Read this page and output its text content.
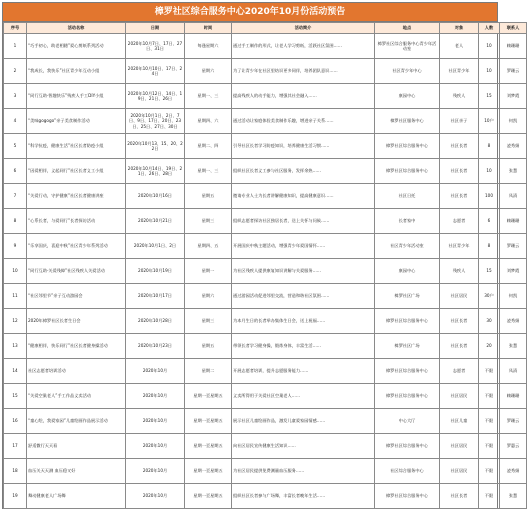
樟罗社区综合服务中心2020年10月份活动预告
序号	活动名称	日期	时间	活动简介	地点	对象	人数	联系人
1	“巧手初心，助老相随”爱心剪纸系列活动	2020年10月7日、17日、27日、31日	每逢星期六	通过手工制作的形式，让老人学习剪纸，活跃社区氛围……	樟罗社区综合服务中心青少年活动室	老人	10	赖珊珊
2	“我成长，我快乐”社区青少年互动小组	2020年10月10日、17日、24日	星期六	为了让青少年在社区里结识更多同伴，培养团队意识……	社区青少年中心	社区青少年	10	罗珊云
3	“同行互助·智趣快乐”残疾人手工DIY小组	2020年10月12日、14日、19日、21日、26日	星期一、三	提高残疾人的动手能力，增强其社会融入……	康园中心	残疾人	15	刘梦霞
4	“美味gogogo”亲子美食制作活动	2020年10月1日、2日、7日、9日、17日、20日、23日、25日、27日、30日	星期四、六	通过活动让家庭体验美食制作乐趣，增进亲子关系……	樟罗社区服务中心	社区亲子	10户	何凯
5	“科学抗疫，健康生活”社区长者防疫小组	2020年10月13、15、20、22日	星期二、四	引导社区长者学习防疫知识，培养健康生活习惯……	樟罗社区综合服务中心	社区长者	8	凌秀娟
6	“因爱相伴，义起同行”社区长者义工小组	2020年10月14日、19日、21日、26日、28日	星期一、三	组织社区长者义工参与社区服务，发挥余热……	樟罗社区综合服务中心	社区长者	10	张慧
7	“关爱行动，守护健康”社区长者健康讲座	2020年10月16日	星期五	邀请专业人士为长者讲解健康知识，提高健康意识……	社区日托	社区长者	100	凤清
8	“心系长者，与爱同行”长者探访活动	2020年10月21日	星期三	组织志愿者探访社区独居长者，送上关怀与问候……	长者家中	志愿者	6	赖珊珊
9	“乐享国庆，喜迎中秋”社区青少年系列活动	2020年10月1日、2日	星期四、五	开展国庆中秋主题活动，增强青少年爱国情怀……	社区青少年活动室	社区青少年	8	罗珊云
10	“同行互助·关爱残障”社区残疾人关爱活动	2020年10月19日	星期一	为社区残疾人提供康复知识讲解与关爱服务……	康园中心	残疾人	15	刘梦霞
11	“社区邻里节”亲子互动游园会	2020年10月17日	星期六	通过游园活动促进邻里交流，营造和谐社区氛围……	樟罗社区广场	社区居民	30户	何凯
12	2020年樟罗社区长者生日会	2020年10月28日	星期三	为本月生日的长者举办集体生日会，送上祝福……	樟罗社区综合服务中心	社区长者	30	凌秀娟
13	“健康相伴，快乐同行”社区长者健身操活动	2020年10月23日	星期五	带领长者学习健身操，锻炼身体，丰富生活……	樟罗社区广场	社区长者	20	张慧
14	社区志愿者培训活动	2020年10月	星期二	开展志愿者培训，提升志愿服务能力……	樟罗社区综合服务中心	志愿者	不限	凤清
15	“关爱空巢老人”手工作品义卖活动	2020年10月	星期一至星期五	义卖所得用于关爱社区空巢老人……	樟罗社区综合服务中心	社区居民	不限	赖珊珊
16	“童心绘，我爱家园”儿童绘画作品展示活动	2020年10月	星期一至星期五	展示社区儿童绘画作品，激发儿童爱家园情感……	中心大厅	社区儿童	不限	罗珊云
17	舒适微行天天看	2020年10月	星期一至星期五	向社区居民宣传健康生活知识……	樟罗社区综合服务中心	社区居民	不限	罗惠云
18	血压关天天测 血压稳又好	2020年10月	星期一至星期五	为社区居民提供免费测量血压服务……	社区综合服务中心	社区居民	不限	凌秀娟
19	舞动健康老人广场舞	2020年10月	星期一至星期五	组织社区长者参与广场舞，丰富长者晚年生活……	樟罗社区综合服务中心	社区长者	不限	张慧
